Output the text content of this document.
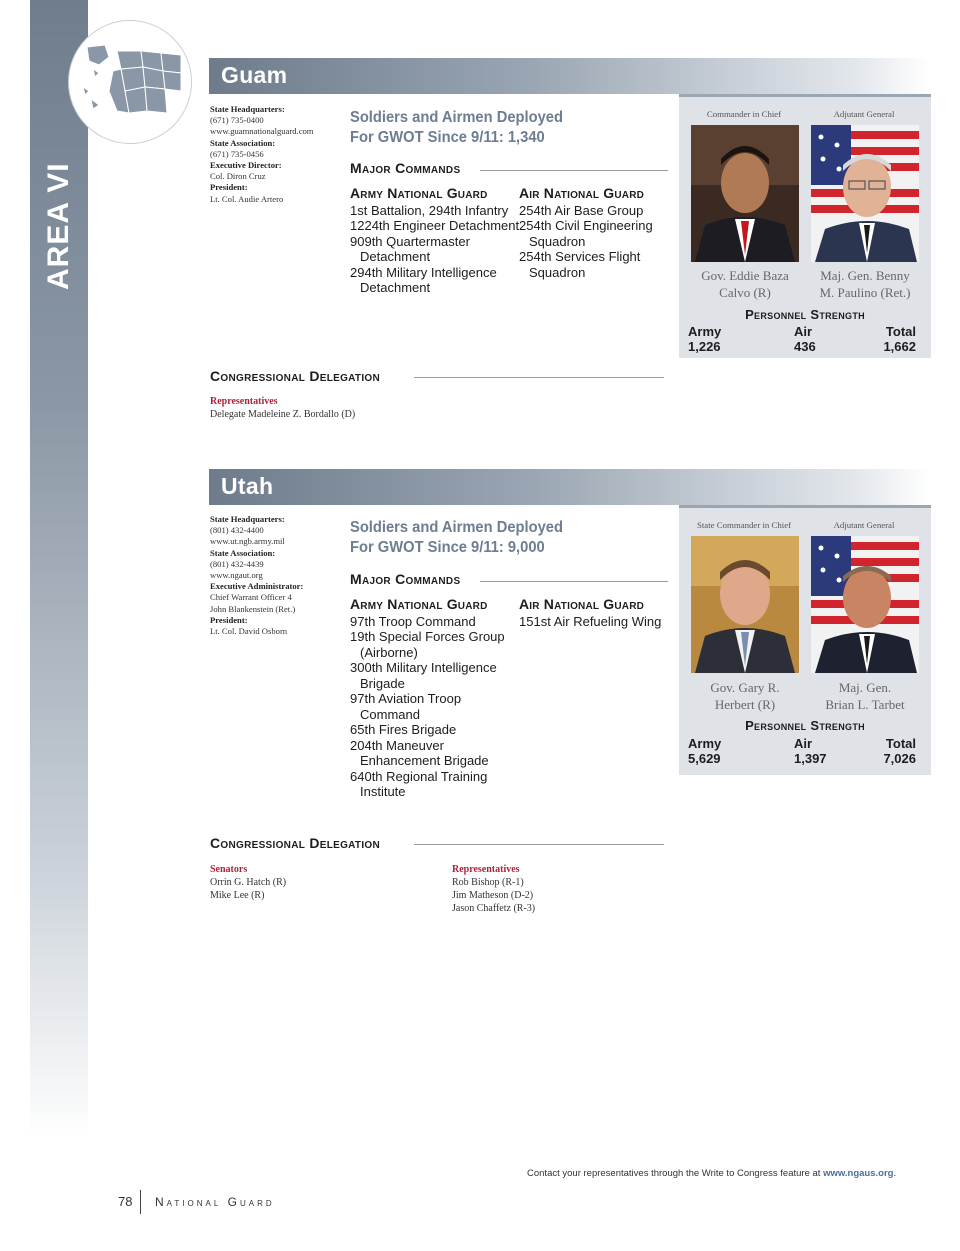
Guam
State Headquarters:
(671) 735-0400
www.guamnationalguard.com
State Association:
(671) 735-0456
Executive Director:
Col. Diron Cruz
President:
Lt. Col. Audie Artero
Soldiers and Airmen Deployed
For GWOT Since 9/11: 1,340
Major Commands
Army National Guard
1st Battalion, 294th Infantry
1224th Engineer Detachment
909th Quartermaster Detachment
294th Military Intelligence Detachment
Air National Guard
254th Air Base Group
254th Civil Engineering Squadron
254th Services Flight Squadron
Commander in Chief	Adjutant General
Gov. Eddie Baza
Calvo (R)
Maj. Gen. Benny
M. Paulino (Ret.)
Personnel Strength
Army
1,226
Air
436
Total
1,662
Congressional Delegation
Representatives
Delegate Madeleine Z. Bordallo (D)
Utah
State Headquarters:
(801) 432-4400
www.ut.ngb.army.mil
State Association:
(801) 432-4439
www.ngaut.org
Executive Administrator:
Chief Warrant Officer 4
John Blankenstein (Ret.)
President:
Lt. Col. David Osborn
Soldiers and Airmen Deployed
For GWOT Since 9/11: 9,000
Major Commands
Army National Guard
97th Troop Command
19th Special Forces Group (Airborne)
300th Military Intelligence Brigade
97th Aviation Troop Command
65th Fires Brigade
204th Maneuver Enhancement Brigade
640th Regional Training Institute
Air National Guard
151st Air Refueling Wing
State Commander in Chief	Adjutant General
Gov. Gary R.
Herbert (R)
Maj. Gen.
Brian L. Tarbet
Personnel Strength
Army
5,629
Air
1,397
Total
7,026
Congressional Delegation
Senators
Orrin G. Hatch (R)
Mike Lee (R)
Representatives
Rob Bishop (R-1)
Jim Matheson (D-2)
Jason Chaffetz (R-3)
Contact your representatives through the Write to Congress feature at www.ngaus.org.
78 National Guard
